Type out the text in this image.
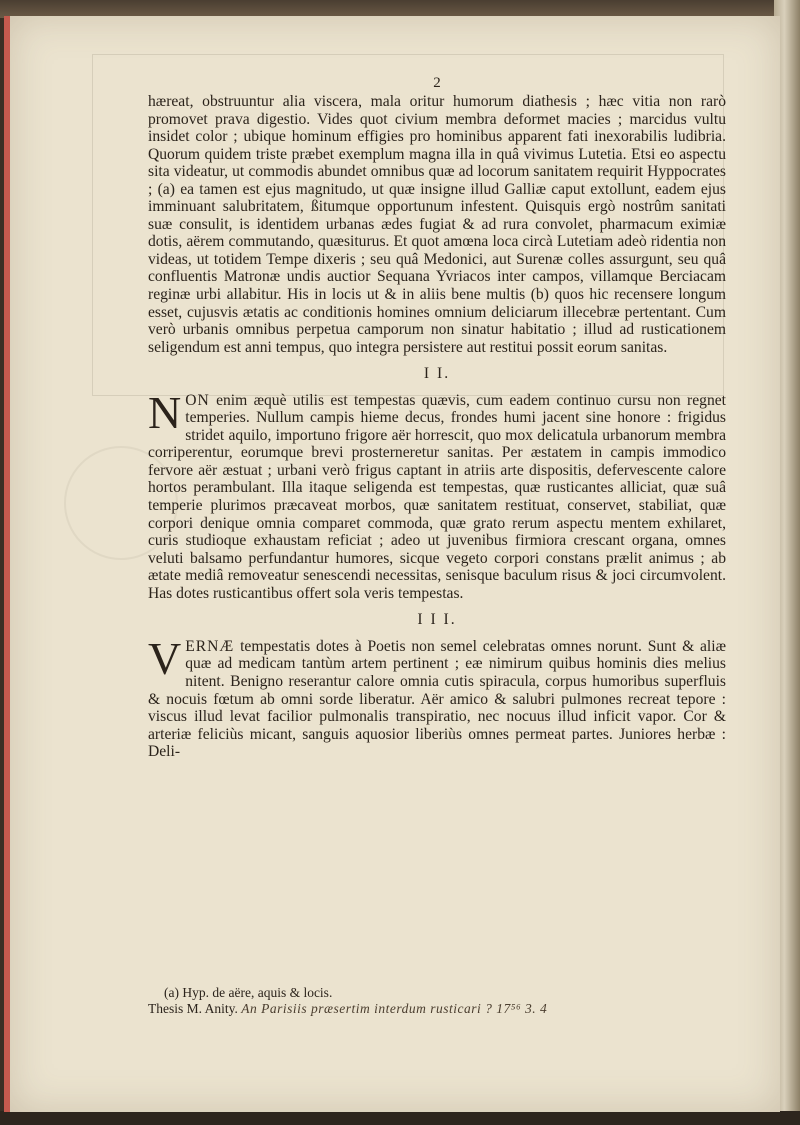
2

hæreat, obstruuntur alia viscera, mala oritur humorum diathesis ; hæc vitia non rarò promovet prava digestio. Vides quot civium membra deformet macies ; marcidus vultu insidet color ; ubique hominum effigies pro hominibus apparent fati inexorabilis ludibria. Quorum quidem triste præbet exemplum magna illa in quâ vivimus Lutetia. Etsi eo aspectu sita videatur, ut commodis abundet omnibus quæ ad locorum sanitatem requirit Hyppocrates ; (a) ea tamen est ejus magnitudo, ut quæ insigne illud Galliæ caput extollunt, eadem ejus imminuant salubritatem, ßitumque opportunum infestent. Quisquis ergò nostrûm sanitati suæ consulit, is identidem urbanas ædes fugiat & ad rura convolet, pharmacum eximiæ dotis, aërem commutando, quæsiturus. Et quot amœna loca circà Lutetiam adeò ridentia non videas, ut totidem Tempe dixeris ; seu quâ Medonici, aut Surenæ colles assurgunt, seu quâ confluentis Matronæ undis auctior Sequana Yvriacos inter campos, villamque Berciacam reginæ urbi allabitur. His in locis ut & in aliis bene multis (b) quos hic recensere longum esset, cujusvis ætatis ac conditionis homines omnium deliciarum illecebræ pertentant. Cum verò urbanis omnibus perpetua camporum non sinatur habitatio ; illud ad rusticationem seligendum est anni tempus, quo integra persistere aut restitui possit eorum sanitas.

I I.

N ON enim æquè utilis est tempestas quævis, cum eadem continuo cursu non regnet temperies. Nullum campis hieme decus, frondes humi jacent sine honore : frigidus stridet aquilo, importuno frigore aër horrescit, quo mox delicatula urbanorum membra corriperentur, eorumque brevi prosterneretur sanitas. Per æstatem in campis immodico fervore aër æstuat ; urbani verò frigus captant in atriis arte dispositis, defervescente calore hortos perambulant. Illa itaque seligenda est tempestas, quæ rusticantes alliciat, quæ suâ temperie plurimos præcaveat morbos, quæ sanitatem restituat, conservet, stabiliat, quæ corpori denique omnia comparet commoda, quæ grato rerum aspectu mentem exhilaret, curis studioque exhaustam reficiat ; adeo ut juvenibus firmiora crescant organa, omnes veluti balsamo perfundantur humores, sicque vegeto corpori constans prælit animus ; ab ætate mediâ removeatur senescendi necessitas, senisque baculum risus & joci circumvolent. Has dotes rusticantibus offert sola veris tempestas.

I I I.

V ERNÆ tempestatis dotes à Poetis non semel celebratas omnes norunt. Sunt & aliæ quæ ad medicam tantùm artem pertinent ; eæ nimirum quibus hominis dies melius nitent. Benigno reserantur calore omnia cutis spiracula, corpus humoribus superfluis & nocuis fœtum ab omni sorde liberatur. Aër amico & salubri pulmones recreat tepore : viscus illud levat facilior pulmonalis transpiratio, nec nocuus illud inficit vapor. Cor & arteriæ feliciùs micant, sanguis aquosior liberiùs omnes permeat partes. Juniores herbæ : Deli-

(a) Hyp. de aëre, aquis & locis.
Thesis M. Anity. An Parisiis præsertim interdum rusticari ? 17⁵⁶ 3. 4
